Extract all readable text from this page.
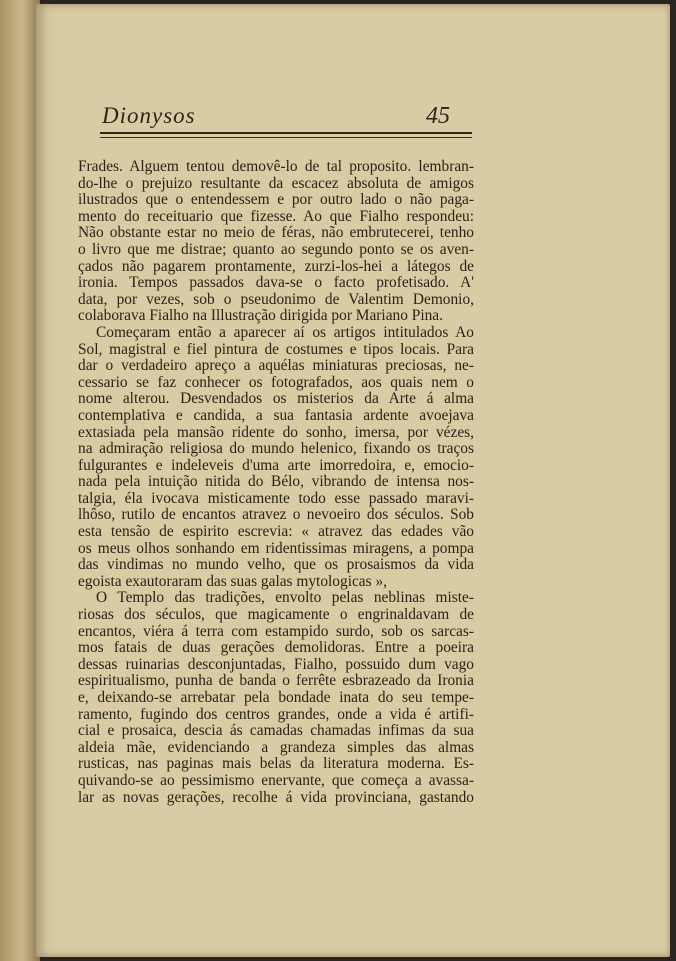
Dionysos	45
Frades. Alguem tentou demovê-lo de tal proposito. lembran-
do-lhe o prejuizo resultante da escacez absoluta de amigos
ilustrados que o entendessem e por outro lado o não paga-
mento do receituario que fizesse. Ao que Fialho respondeu:
Não obstante estar no meio de féras, não embrutecerei, tenho
o livro que me distrae; quanto ao segundo ponto se os aven-
çados não pagarem prontamente, zurzi-los-hei a látegos de
ironia. Tempos passados dava-se o facto profetisado. A'
data, por vezes, sob o pseudonimo de Valentim Demonio,
colaborava Fialho na Illustração dirigida por Mariano Pina.
Começaram então a aparecer aí os artigos intitulados Ao
Sol, magistral e fiel pintura de costumes e tipos locais. Para
dar o verdadeiro apreço a aquélas miniaturas preciosas, ne-
cessario se faz conhecer os fotografados, aos quais nem o
nome alterou. Desvendados os misterios da Arte á alma
contemplativa e candida, a sua fantasia ardente avoejava
extasiada pela mansão ridente do sonho, imersa, por vézes,
na admiração religiosa do mundo helenico, fixando os traços
fulgurantes e indeleveis d'uma arte imorredoira, e, emocio-
nada pela intuição nitida do Bélo, vibrando de intensa nos-
talgia, éla ivocava misticamente todo esse passado maravi-
lhôso, rutilo de encantos atravez o nevoeiro dos séculos. Sob
esta tensão de espirito escrevia: « atravez das edades vão
os meus olhos sonhando em ridentissimas miragens, a pompa
das vindimas no mundo velho, que os prosaismos da vida
egoista exautoraram das suas galas mytologicas »,
O Templo das tradições, envolto pelas neblinas miste-
riosas dos séculos, que magicamente o engrinaldavam de
encantos, viéra á terra com estampido surdo, sob os sarcas-
mos fatais de duas gerações demolidoras. Entre a poeira
dessas ruinarias desconjuntadas, Fialho, possuido dum vago
espiritualismo, punha de banda o ferrête esbrazeado da Ironia
e, deixando-se arrebatar pela bondade inata do seu tempe-
ramento, fugindo dos centros grandes, onde a vida é artifi-
cial e prosaica, descia ás camadas chamadas infimas da sua
aldeia mãe, evidenciando a grandeza simples das almas
rusticas, nas paginas mais belas da literatura moderna. Es-
quivando-se ao pessimismo enervante, que começa a avassa-
lar as novas gerações, recolhe á vida provinciana, gastando
